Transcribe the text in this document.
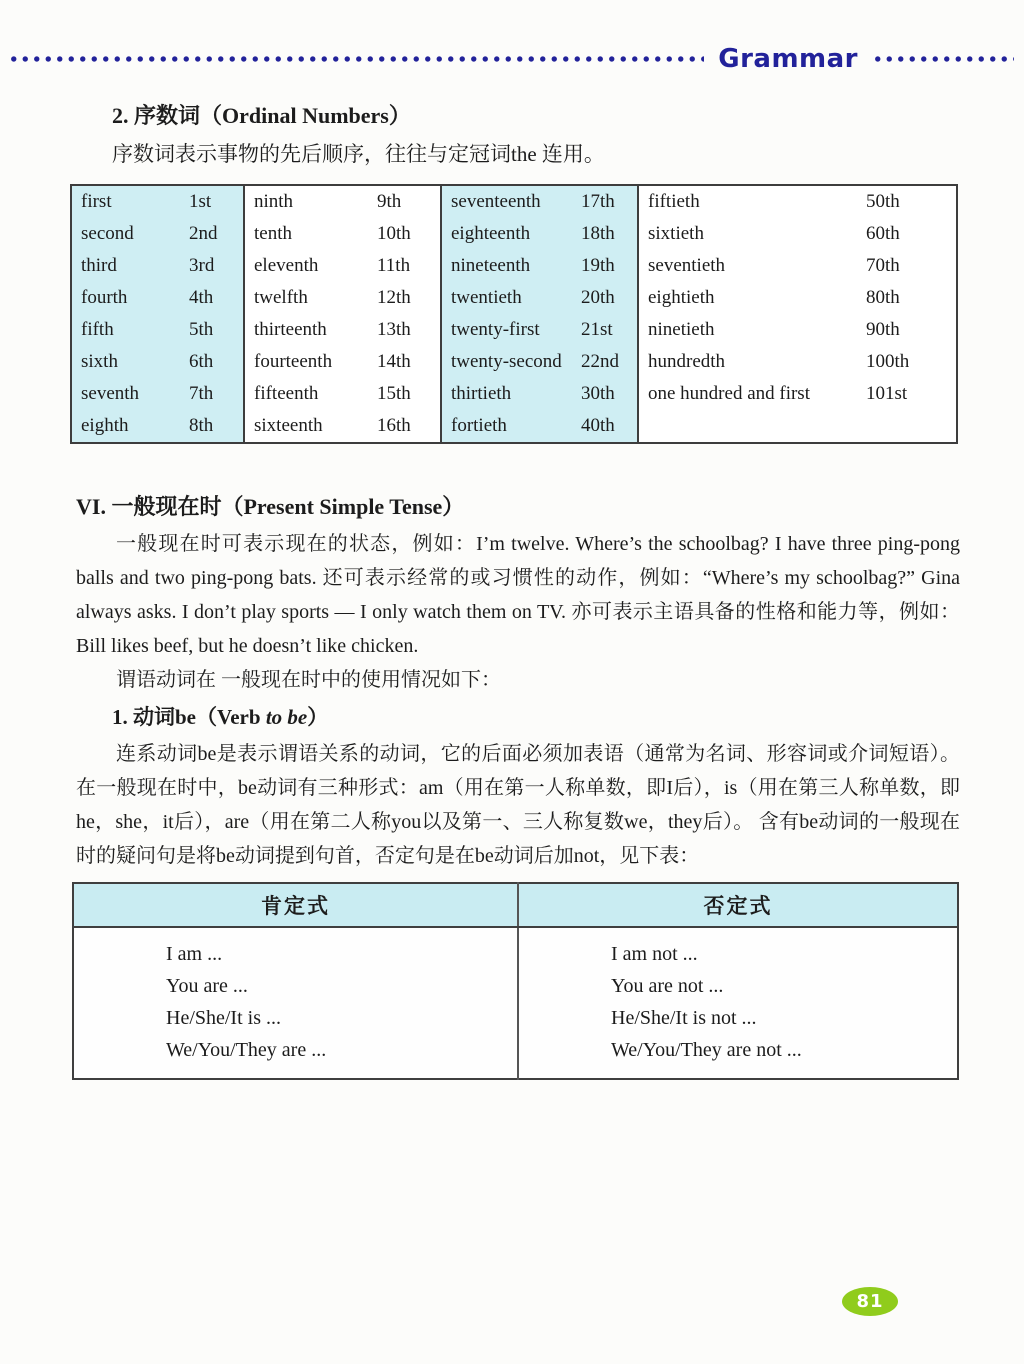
Grammar
2. 序数词（Ordinal Numbers）
序数词表示事物的先后顺序，往往与定冠词the 连用。
first	1st	ninth	9th	seventeenth	17th	fiftieth	50th
second	2nd	tenth	10th	eighteenth	18th	sixtieth	60th
third	3rd	eleventh	11th	nineteenth	19th	seventieth	70th
fourth	4th	twelfth	12th	twentieth	20th	eightieth	80th
fifth	5th	thirteenth	13th	twenty-first	21st	ninetieth	90th
sixth	6th	fourteenth	14th	twenty-second	22nd	hundredth	100th
seventh	7th	fifteenth	15th	thirtieth	30th	one hundred and first	101st
eighth	8th	sixteenth	16th	fortieth	40th		
VI. 一般现在时（Present Simple Tense）
一般现在时可表示现在的状态，例如：I’m twelve. Where’s the schoolbag? I have three ping-pong balls and two ping-pong bats. 还可表示经常的或习惯性的动作，例如：“Where’s my schoolbag?” Gina always asks. I don’t play sports — I only watch them on TV. 亦可表示主语具备的性格和能力等，例如：Bill likes beef, but he doesn’t like chicken.
谓语动词在 一般现在时中的使用情况如下：
1. 动词be（Verb to be）
连系动词be是表示谓语关系的动词，它的后面必须加表语（通常为名词、形容词或介词短语）。在一般现在时中，be动词有三种形式：am（用在第一人称单数，即I后），is（用在第三人称单数，即he，she，it后），are（用在第二人称you以及第一、三人称复数we，they后）。 含有be动词的一般现在时的疑问句是将be动词提到句首，否定句是在be动词后加not，见下表：
肯定式	否定式

I am ...
You are ...
He/She/It is ...
We/You/They are ...

I am not ...
You are not ...
He/She/It is not ...
We/You/They are not ...
81
